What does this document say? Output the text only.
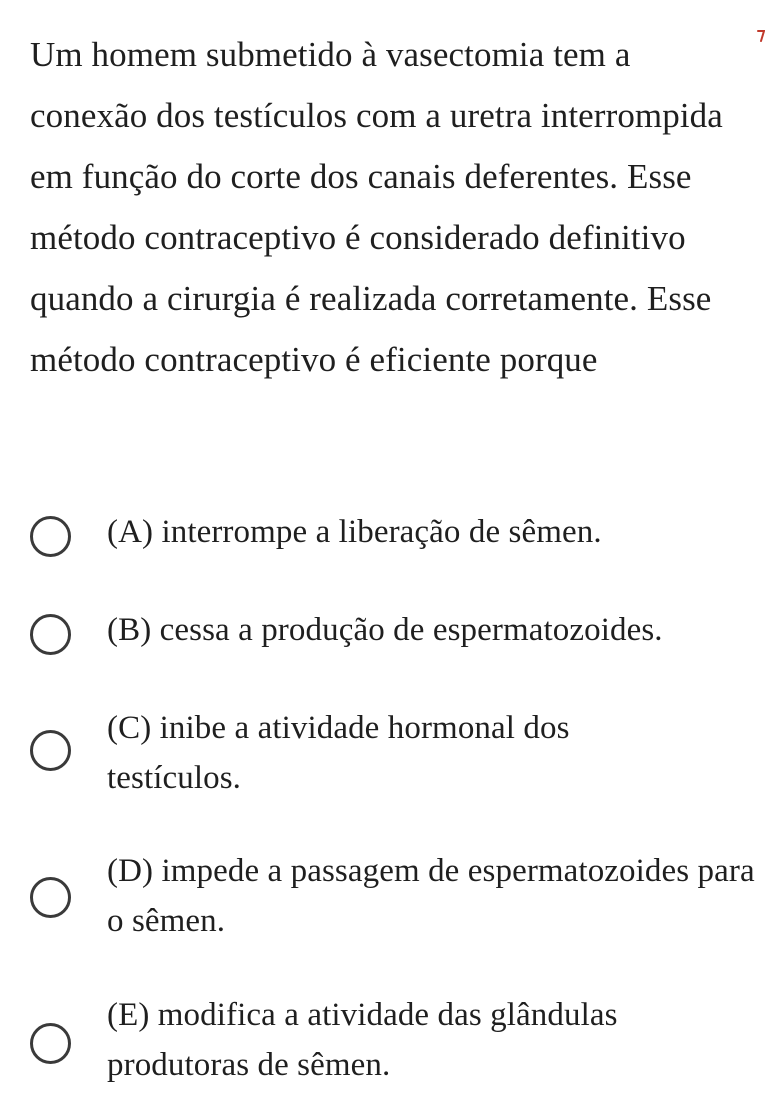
Um homem submetido à vasectomia tem a conexão dos testículos com a uretra interrompida em função do corte dos canais deferentes. Esse método contraceptivo é considerado definitivo quando a cirurgia é realizada corretamente. Esse método contraceptivo é eficiente porque
(A) interrompe a liberação de sêmen.
(B) cessa a produção de espermatozoides.
(C) inibe a atividade hormonal dos testículos.
(D) impede a passagem de espermatozoides para o sêmen.
(E) modifica a atividade das glândulas produtoras de sêmen.
